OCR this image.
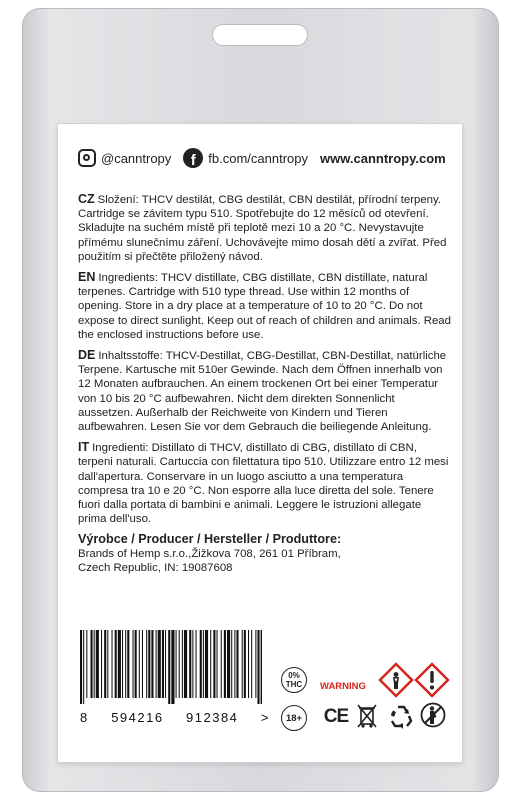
@canntropy	f fb.com/canntropy www.canntropy.com
CZ Složení: THCV destilát, CBG destilát, CBN destilát, přírodní terpeny. Cartridge se závitem typu 510. Spotřebujte do 12 měsíců od otevření. Skladujte na suchém místě při teplotě mezi 10 a 20 °C. Nevystavujte přímému slunečnímu záření. Uchovávejte mimo dosah dětí a zvířat. Před použitím si přečtěte přiložený návod.
EN Ingredients: THCV distillate, CBG distillate, CBN distillate, natural terpenes. Cartridge with 510 type thread. Use within 12 months of opening. Store in a dry place at a temperature of 10 to 20 °C. Do not expose to direct sunlight. Keep out of reach of children and animals. Read the enclosed instructions before use.
DE Inhaltsstoffe: THCV-Destillat, CBG-Destillat, CBN-Destillat, natürliche Terpene. Kartusche mit 510er Gewinde. Nach dem Öffnen innerhalb von 12 Monaten aufbrauchen. An einem trockenen Ort bei einer Temperatur von 10 bis 20 °C aufbewahren. Nicht dem direkten Sonnenlicht aussetzen. Außerhalb der Reichweite von Kindern und Tieren aufbewahren. Lesen Sie vor dem Gebrauch die beiliegende Anleitung.
IT Ingredienti: Distillato di THCV, distillato di CBG, distillato di CBN, terpeni naturali. Cartuccia con filettatura tipo 510. Utilizzare entro 12 mesi dall'apertura. Conservare in un luogo asciutto a una temperatura compresa tra 10 e 20 °C. Non esporre alla luce diretta del sole. Tenere fuori dalla portata di bambini e animali. Leggere le istruzioni allegate prima dell'uso.
Výrobce / Producer / Hersteller / Produttore:
Brands of Hemp s.r.o.,Žižkova 708, 261 01 Příbram,
Czech Republic, IN: 19087608
8 594216 912384 >
0%
THC
18+
WARNING
CE
